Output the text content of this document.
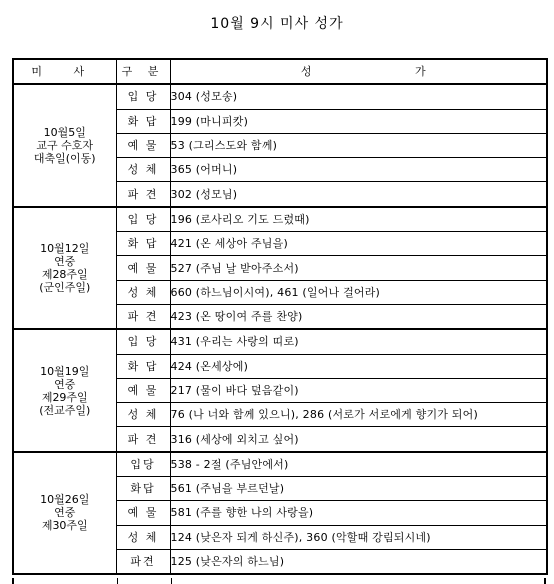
10월 9시 미사 성가
미 사	구 분	성 가

10월5일
교구 수호자
대축일(이동)	입 당	304 (성모송)
	화 답	199 (마니피캇)
	예 물	53 (그리스도와 함께)
	성 체	365 (어머니)
	파 견	302 (성모님)

10월12일
연중
제28주일
(군인주일)	입 당	196 (로사리오 기도 드렸때)
	화 답	421 (온 세상아 주님을)
	예 물	527 (주님 날 받아주소서)
	성 체	660 (하느님이시여), 461 (일어나 걸어라)
	파 견	423 (온 땅이여 주를 찬양)

10월19일
연중
제29주일
(전교주일)	입 당	431 (우리는 사랑의 띠로)
	화 답	424 (온세상에)
	예 물	217 (물이 바다 덮음같이)
	성 체	76 (나 너와 함께 있으니), 286 (서로가 서로에게 향기가 되어)
	파 견	316 (세상에 외치고 싶어)

10월26일
연중
제30주일	입당	538 - 2절 (주님안에서)
	화답	561 (주님을 부르던날)
	예 물	581 (주를 향한 나의 사랑을)
	성 체	124 (낮은자 되게 하신주), 360 (악할때 강림되시네)
	파견	125 (낮은자의 하느님)
